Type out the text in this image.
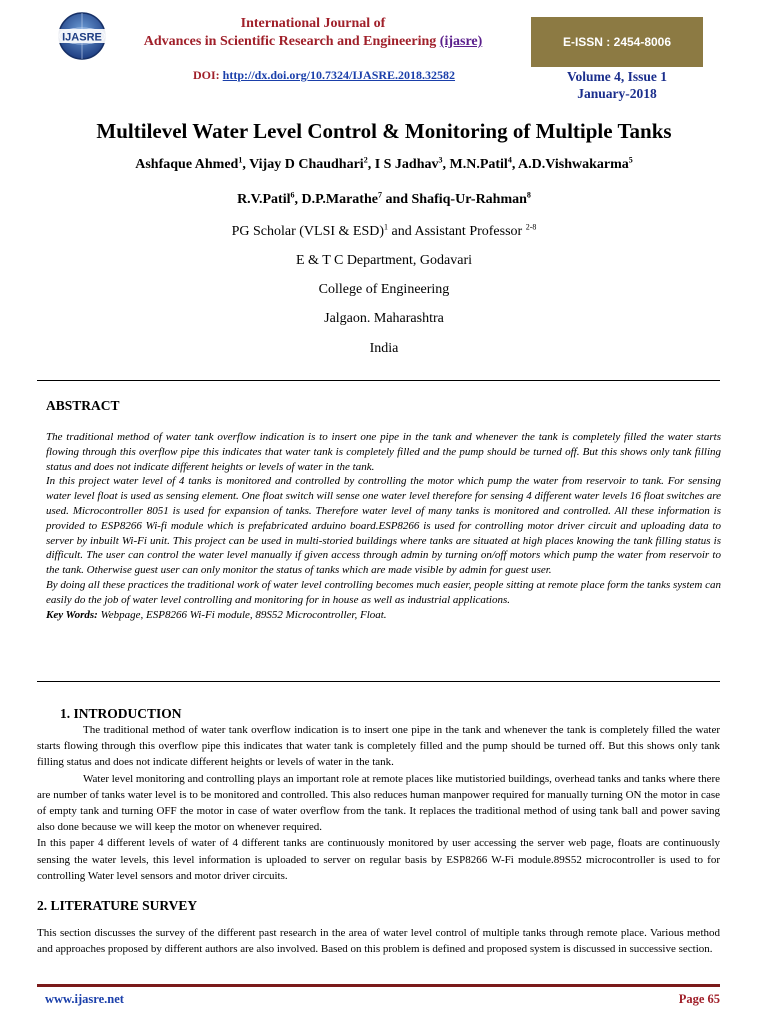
IJASRE
International Journal of
Advances in Scientific Research and Engineering (ijasre)	E-ISSN : 2454-8006
DOI: http://dx.doi.org/10.7324/IJASRE.2018.32582	Volume 4, Issue 1
January-2018
Multilevel Water Level Control & Monitoring of Multiple Tanks
Ashfaque Ahmed$^1$, Vijay D Chaudhari$^2$, I S Jadhav$^3$, M.N.Patil$^4$, A.D.Vishwakarma$^5$
R.V.Patil$^6$, D.P.Marathe$^7$ and Shafiq-Ur-Rahman$^8$
PG Scholar (VLSI & ESD)$^1$ and Assistant Professor $^{2-8}$
E & T C Department, Godavari
College of Engineering
Jalgaon. Maharashtra
India
ABSTRACT

The traditional method of water tank overflow indication is to insert one pipe in the tank and whenever the tank is completely filled the water starts flowing through this overflow pipe this indicates that water tank is completely filled and the pump should be turned off. But this shows only tank filling status and does not indicate different heights or levels of water in the tank.

In this project water level of 4 tanks is monitored and controlled by controlling the motor which pump the water from reservoir to tank. For sensing water level float is used as sensing element. One float switch will sense one water level therefore for sensing 4 different water levels 16 float switches are used. Microcontroller 8051 is used for expansion of tanks. Therefore water level of many tanks is monitored and controlled. All these information is provided to ESP8266 Wi-fi module which is prefabricated arduino board.ESP8266 is used for controlling motor driver circuit and uploading data to server by inbuilt Wi-Fi unit. This project can be used in multi-storied buildings where tanks are situated at high places knowing the tank filling status is difficult. The user can control the water level manually if given access through admin by turning on/off motors which pump the water from reservoir to the tank. Otherwise guest user can only monitor the status of tanks which are made visible by admin for guest user.

By doing all these practices the traditional work of water level controlling becomes much easier, people sitting at remote place form the tanks system can easily do the job of water level controlling and monitoring for in house as well as industrial applications.

Key Words: Webpage, ESP8266 Wi-Fi module, 89S52 Microcontroller, Float.

1. INTRODUCTION

The traditional method of water tank overflow indication is to insert one pipe in the tank and whenever the tank is completely filled the water starts flowing through this overflow pipe this indicates that water tank is completely filled and the pump should be turned off. But this shows only tank filling status and does not indicate different heights or levels of water in the tank.

Water level monitoring and controlling plays an important role at remote places like mutistoried buildings, overhead tanks and tanks where there are number of tanks water level is to be monitored and controlled. This also reduces human manpower required for manually turning ON the motor in case of empty tank and turning OFF the motor in case of water overflow from the tank. It replaces the traditional method of using tank ball and power saving also done because we will keep the motor on whenever required.

In this paper 4 different levels of water of 4 different tanks are continuously monitored by user accessing the server web page, floats are continuously sensing the water levels, this level information is uploaded to server on regular basis by ESP8266 W-Fi module.89S52 microcontroller is used to for controlling Water level sensors and motor driver circuits.

2. LITERATURE SURVEY

This section discusses the survey of the different past research in the area of water level control of multiple tanks through remote place. Various method and approaches proposed by different authors are also involved. Based on this problem is defined and proposed system is discussed in successive section.

www.ijasre.net	Page 65
